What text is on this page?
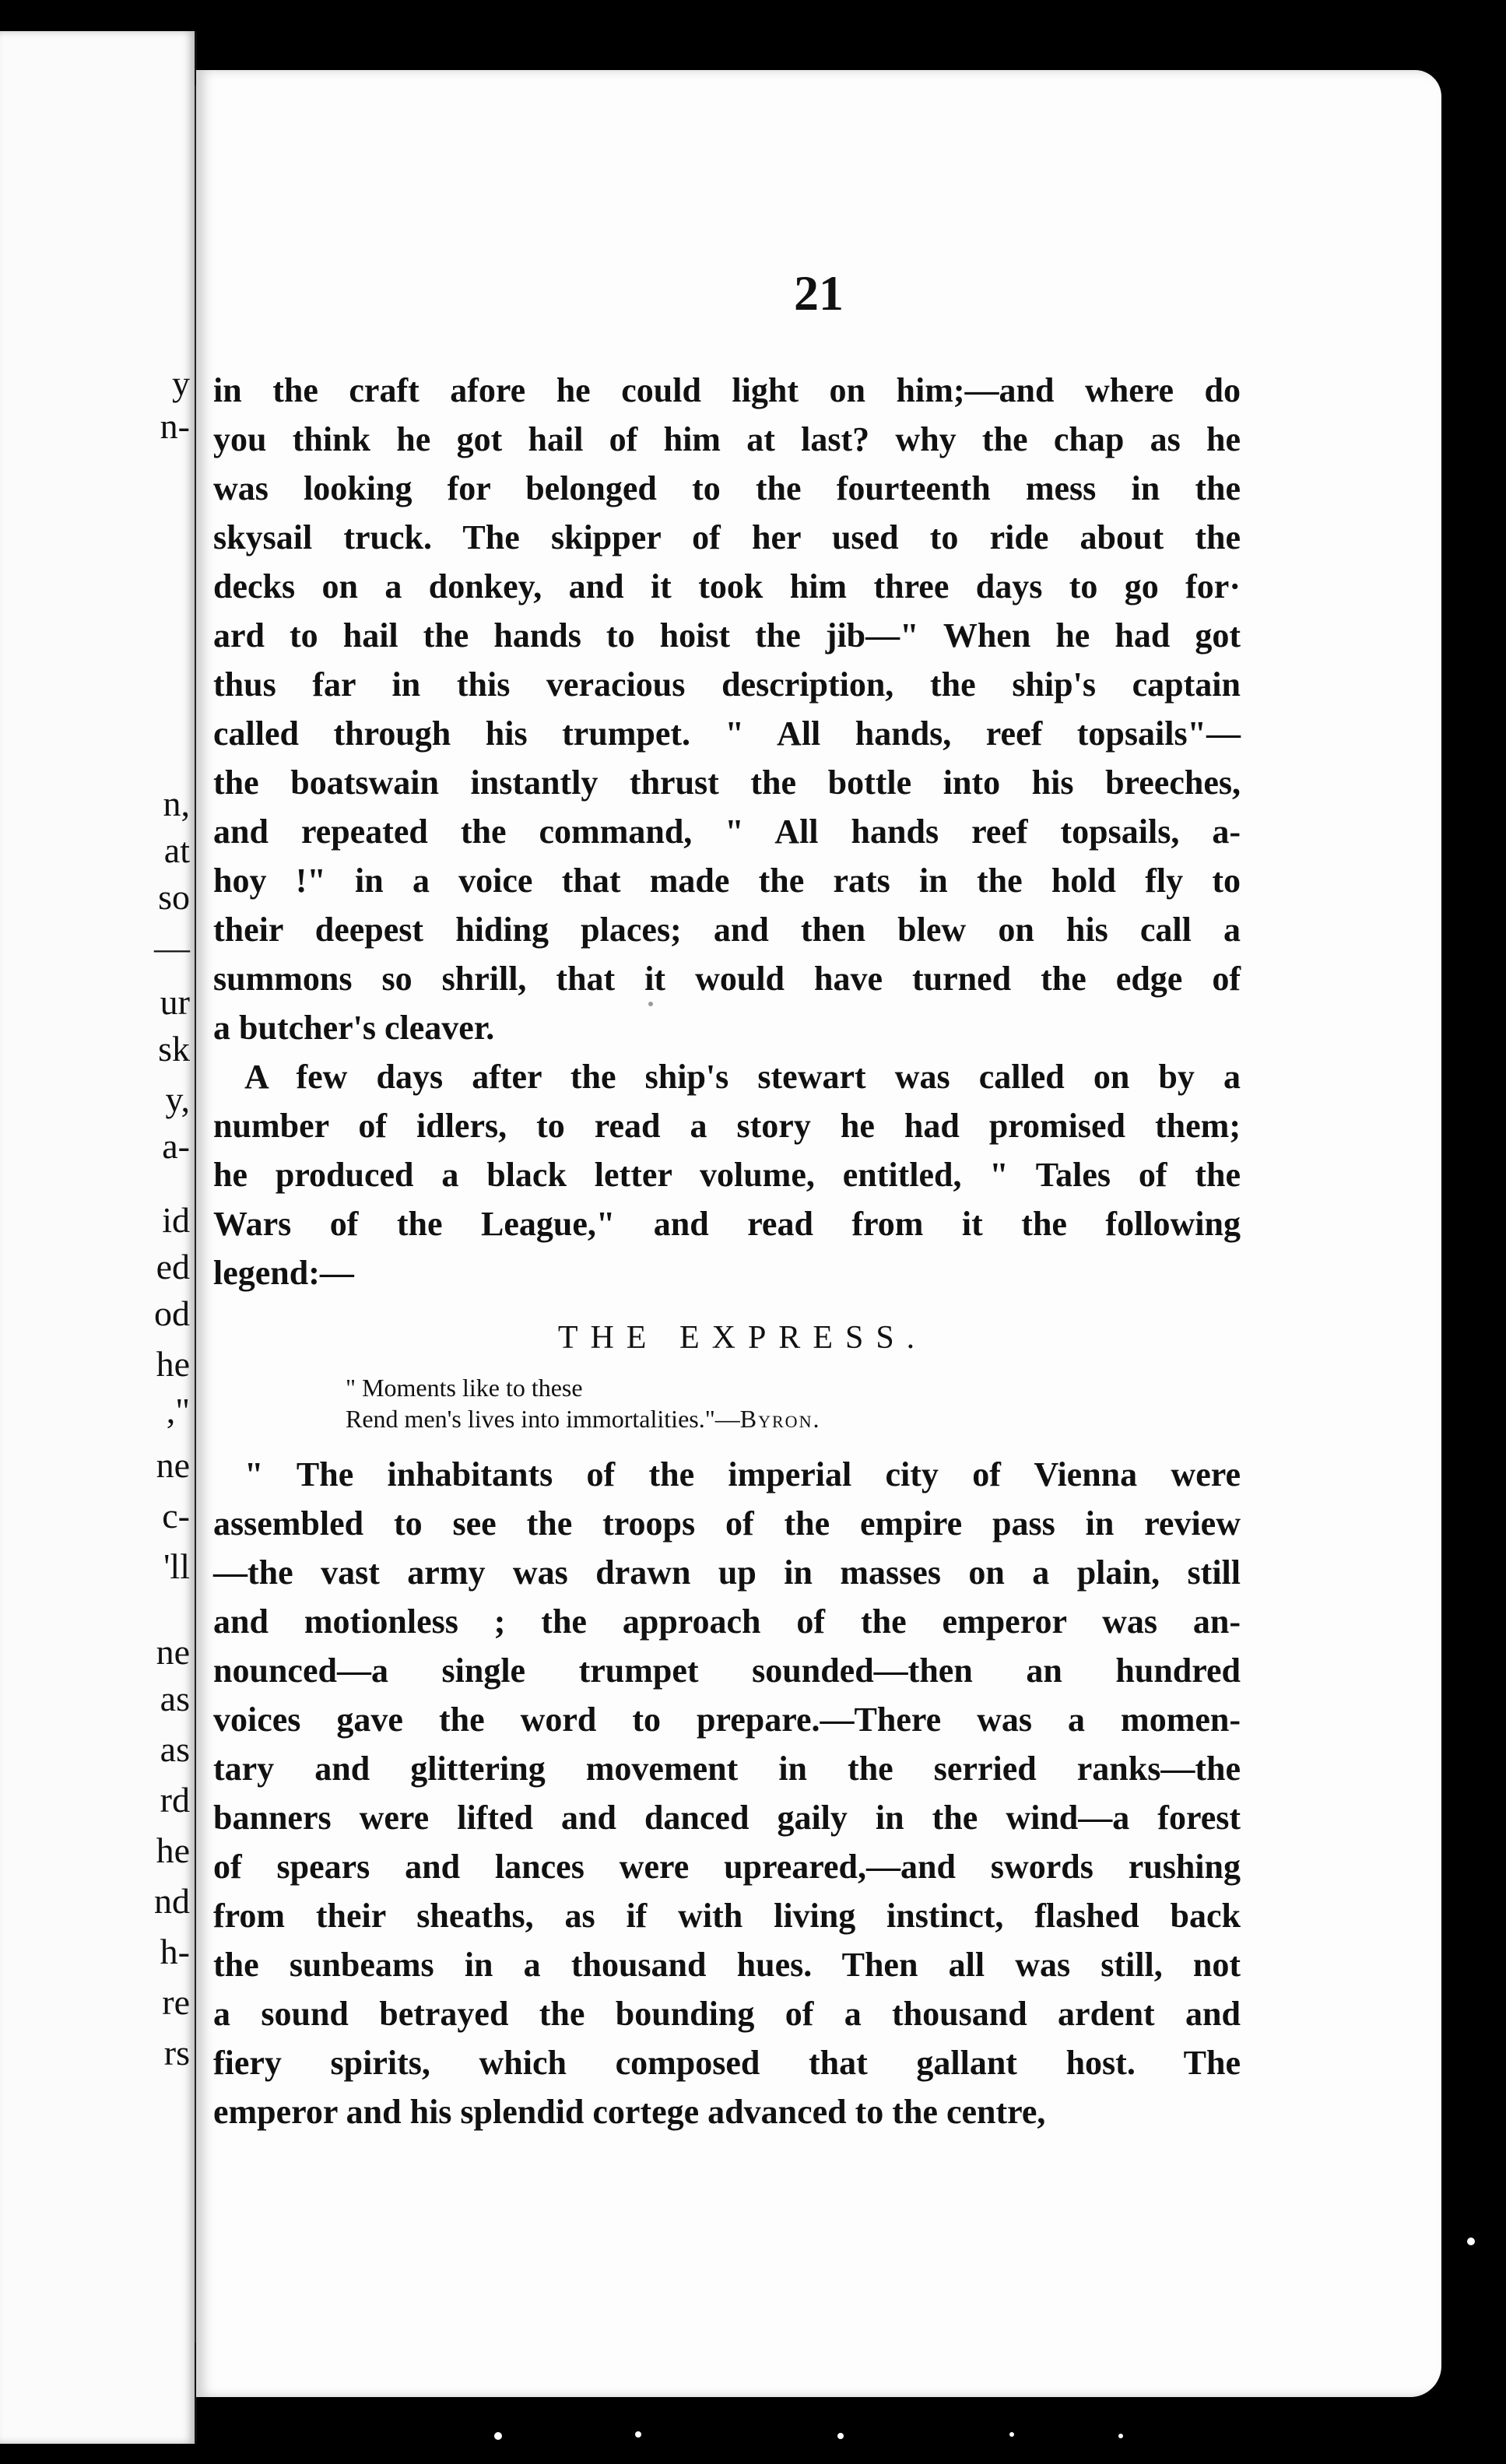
y
n-
n,
at
so
—
ur
sk
y,
a-
id
ed
od
he
,"
ne
c-
'll
ne
as
as
rd
he
nd
h-
re
rs
21
in the craft afore he could light on him;—and where do
you think he got hail of him at last? why the chap as he
was looking for belonged to the fourteenth mess in the
skysail truck. The skipper of her used to ride about the
decks on a donkey, and it took him three days to go for·
ard to hail the hands to hoist the jib—" When he had got
thus far in this veracious description, the ship's captain
called through his trumpet. " All hands, reef topsails"—
the boatswain instantly thrust the bottle into his breeches,
and repeated the command, " All hands reef topsails, a-
hoy !" in a voice that made the rats in the hold fly to
their deepest hiding places; and then blew on his call a
summons so shrill, that it would have turned the edge of
a butcher's cleaver.
A few days after the ship's stewart was called on by a
number of idlers, to read a story he had promised them;
he produced a black letter volume, entitled, " Tales of the
Wars of the League," and read from it the following
legend:—
THE EXPRESS.
" Moments like to these
Rend men's lives into immortalities."—Byron.
" The inhabitants of the imperial city of Vienna were
assembled to see the troops of the empire pass in review
—the vast army was drawn up in masses on a plain, still
and motionless ; the approach of the emperor was an-
nounced—a single trumpet sounded—then an hundred
voices gave the word to prepare.—There was a momen-
tary and glittering movement in the serried ranks—the
banners were lifted and danced gaily in the wind—a forest
of spears and lances were upreared,—and swords rushing
from their sheaths, as if with living instinct, flashed back
the sunbeams in a thousand hues. Then all was still, not
a sound betrayed the bounding of a thousand ardent and
fiery spirits, which composed that gallant host. The
emperor and his splendid cortege advanced to the centre,
